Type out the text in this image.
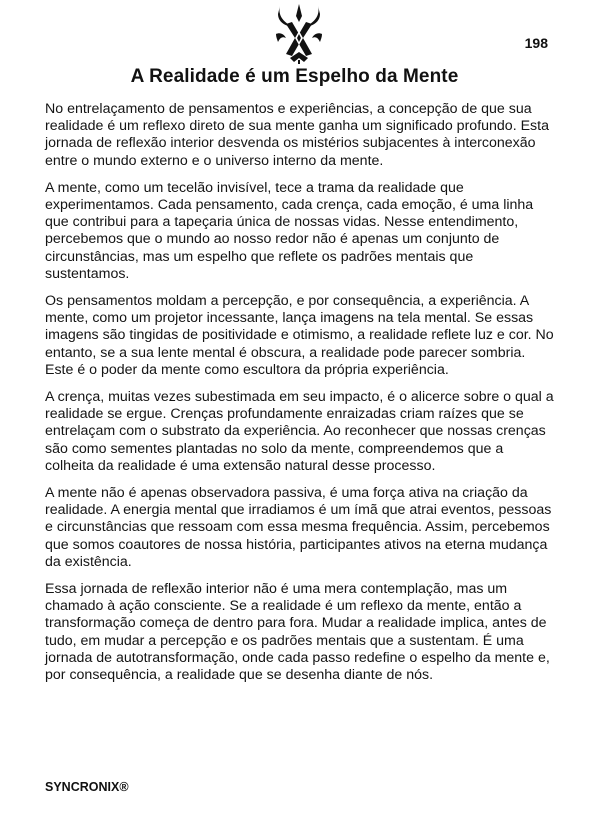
198
A Realidade é um Espelho da Mente

No entrelaçamento de pensamentos e experiências, a concepção de que sua realidade é um reflexo direto de sua mente ganha um significado profundo. Esta jornada de reflexão interior desvenda os mistérios subjacentes à interconexão entre o mundo externo e o universo interno da mente.

A mente, como um tecelão invisível, tece a trama da realidade que experimentamos. Cada pensamento, cada crença, cada emoção, é uma linha que contribui para a tapeçaria única de nossas vidas. Nesse entendimento, percebemos que o mundo ao nosso redor não é apenas um conjunto de circunstâncias, mas um espelho que reflete os padrões mentais que sustentamos.

Os pensamentos moldam a percepção, e por consequência, a experiência. A mente, como um projetor incessante, lança imagens na tela mental. Se essas imagens são tingidas de positividade e otimismo, a realidade reflete luz e cor. No entanto, se a sua lente mental é obscura, a realidade pode parecer sombria. Este é o poder da mente como escultora da própria experiência.

A crença, muitas vezes subestimada em seu impacto, é o alicerce sobre o qual a realidade se ergue. Crenças profundamente enraizadas criam raízes que se entrelaçam com o substrato da experiência. Ao reconhecer que nossas crenças são como sementes plantadas no solo da mente, compreendemos que a colheita da realidade é uma extensão natural desse processo.

A mente não é apenas observadora passiva, é uma força ativa na criação da realidade. A energia mental que irradiamos é um ímã que atrai eventos, pessoas e circunstâncias que ressoam com essa mesma frequência. Assim, percebemos que somos coautores de nossa história, participantes ativos na eterna mudança da existência.

Essa jornada de reflexão interior não é uma mera contemplação, mas um chamado à ação consciente. Se a realidade é um reflexo da mente, então a transformação começa de dentro para fora. Mudar a realidade implica, antes de tudo, em mudar a percepção e os padrões mentais que a sustentam. É uma jornada de autotransformação, onde cada passo redefine o espelho da mente e, por consequência, a realidade que se desenha diante de nós.

SYNCRONIX®
